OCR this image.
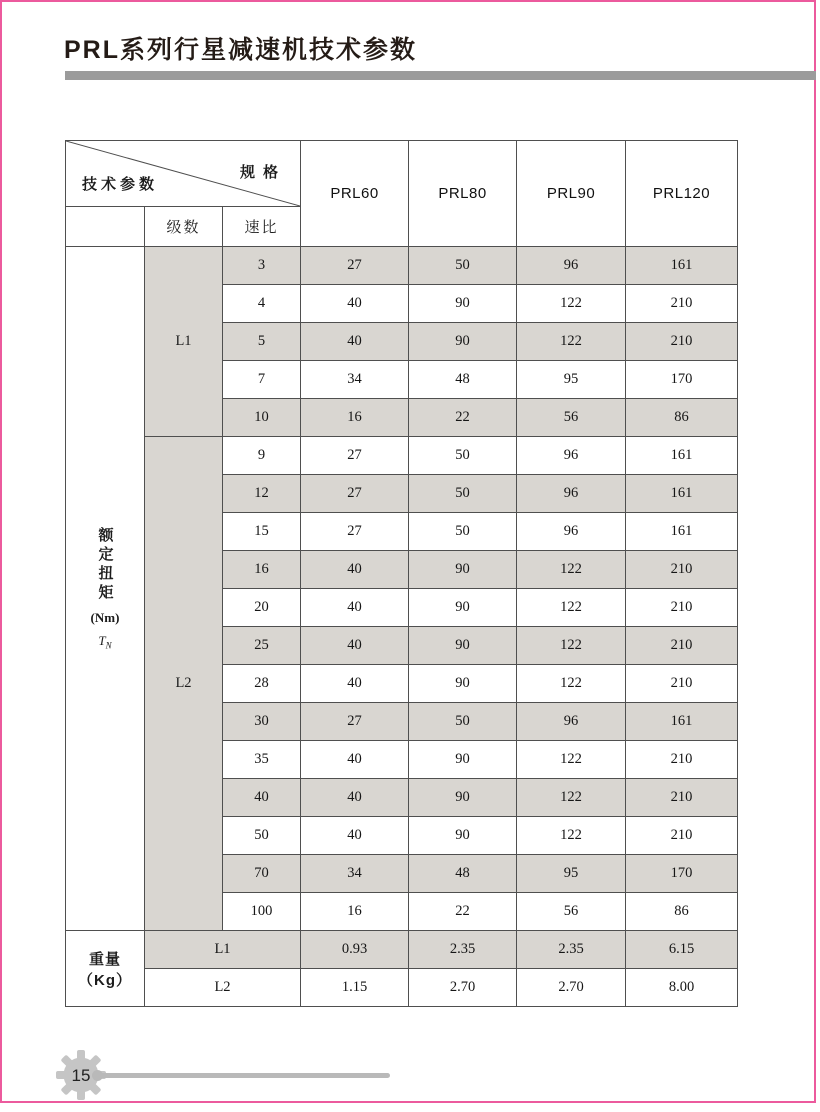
PRL系列行星减速机技术参数
规格
技术参数			PRL60	PRL80	PRL90	PRL120
	级数	速比				

额定扭矩
(Nm)
$T_N$	L1	3	27	50	96	161
		4	40	90	122	210
		5	40	90	122	210
		7	34	48	95	170
		10	16	22	56	86
	L2	9	27	50	96	161
		12	27	50	96	161
		15	27	50	96	161
		16	40	90	122	210
		20	40	90	122	210
		25	40	90	122	210
		28	40	90	122	210
		30	27	50	96	161
		35	40	90	122	210
		40	40	90	122	210
		50	40	90	122	210
		70	34	48	95	170
		100	16	22	56	86
重量（Kg）	L1		0.93	2.35	2.35	6.15
	L2		1.15	2.70	2.70	8.00
15
